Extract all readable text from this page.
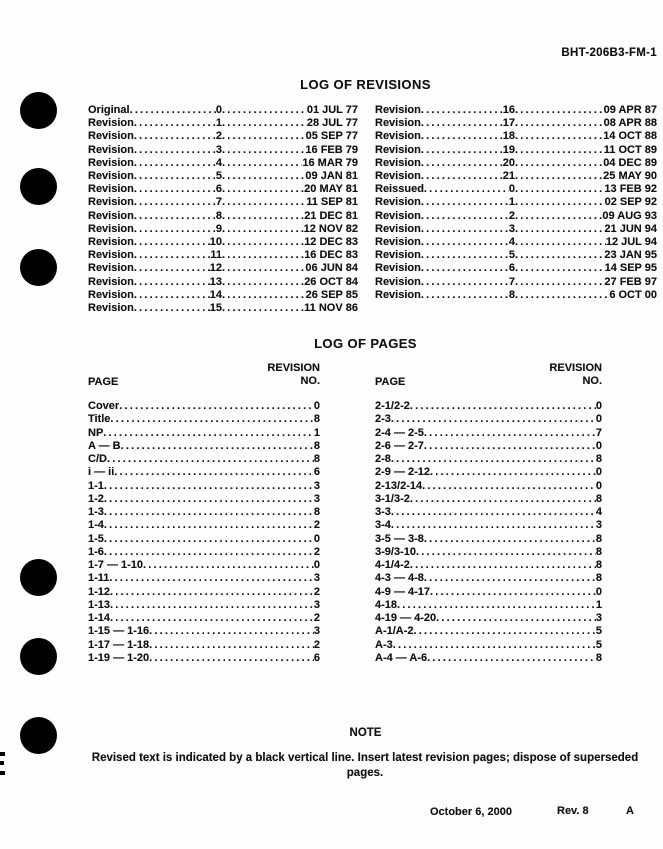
BHT-206B3-FM-1
LOG OF REVISIONS
Original .....	0 .....	01 JUL 77
Revision .....	1 .....	28 JUL 77
Revision .....	2 .....	05 SEP 77
Revision .....	3 .....	16 FEB 79
Revision .....	4 .....	16 MAR 79
Revision .....	5 .....	09 JAN 81
Revision .....	6 .....	20 MAY 81
Revision .....	7 .....	11 SEP 81
Revision .....	8 .....	21 DEC 81
Revision .....	9 .....	12 NOV 82
Revision .....	10 .....	12 DEC 83
Revision .....	11 .....	16 DEC 83
Revision .....	12 .....	06 JUN 84
Revision .....	13 .....	26 OCT 84
Revision .....	14 .....	26 SEP 85
Revision .....	15 .....	11 NOV 86
Revision .....	16 .....	09 APR 87
Revision .....	17 .....	08 APR 88
Revision .....	18 .....	14 OCT 88
Revision .....	19 .....	11 OCT 89
Revision .....	20 .....	04 DEC 89
Revision .....	21 .....	25 MAY 90
Reissued .....	0 .....	13 FEB 92
Revision .....	1 .....	02 SEP 92
Revision .....	2 .....	09 AUG 93
Revision .....	3 .....	21 JUN 94
Revision .....	4 .....	12 JUL 94
Revision .....	5 .....	23 JAN 95
Revision .....	6 .....	14 SEP 95
Revision .....	7 .....	27 FEB 97
Revision .....	8 .....	6 OCT 00
LOG OF PAGES
PAGE
REVISION
NO.
Cover .....	0
Title .....	8
NP .....	1
A — B .....	8
C/D .....	8
i — ii .....	6
1-1 .....	3
1-2 .....	3
1-3 .....	8
1-4 .....	2
1-5 .....	0
1-6 .....	2
1-7 — 1-10 .....	0
1-11 .....	3
1-12 .....	2
1-13 .....	3
1-14 .....	2
1-15 — 1-16 .....	3
1-17 — 1-18 .....	2
1-19 — 1-20 .....	6
PAGE
REVISION
NO.
2-1/2-2 .....	0
2-3 .....	0
2-4 — 2-5 .....	7
2-6 — 2-7 .....	0
2-8 .....	8
2-9 — 2-12 .....	0
2-13/2-14 .....	0
3-1/3-2 .....	8
3-3 .....	4
3-4 .....	3
3-5 — 3-8 .....	8
3-9/3-10 .....	8
4-1/4-2 .....	8
4-3 — 4-8 .....	8
4-9 — 4-17 .....	0
4-18 .....	1
4-19 — 4-20 .....	3
A-1/A-2 .....	5
A-3 .....	5
A-4 — A-6 .....	8
NOTE
Revised text is indicated by a black vertical line. Insert latest revision pages; dispose of superseded pages.
October 6, 2000	Rev. 8	A
